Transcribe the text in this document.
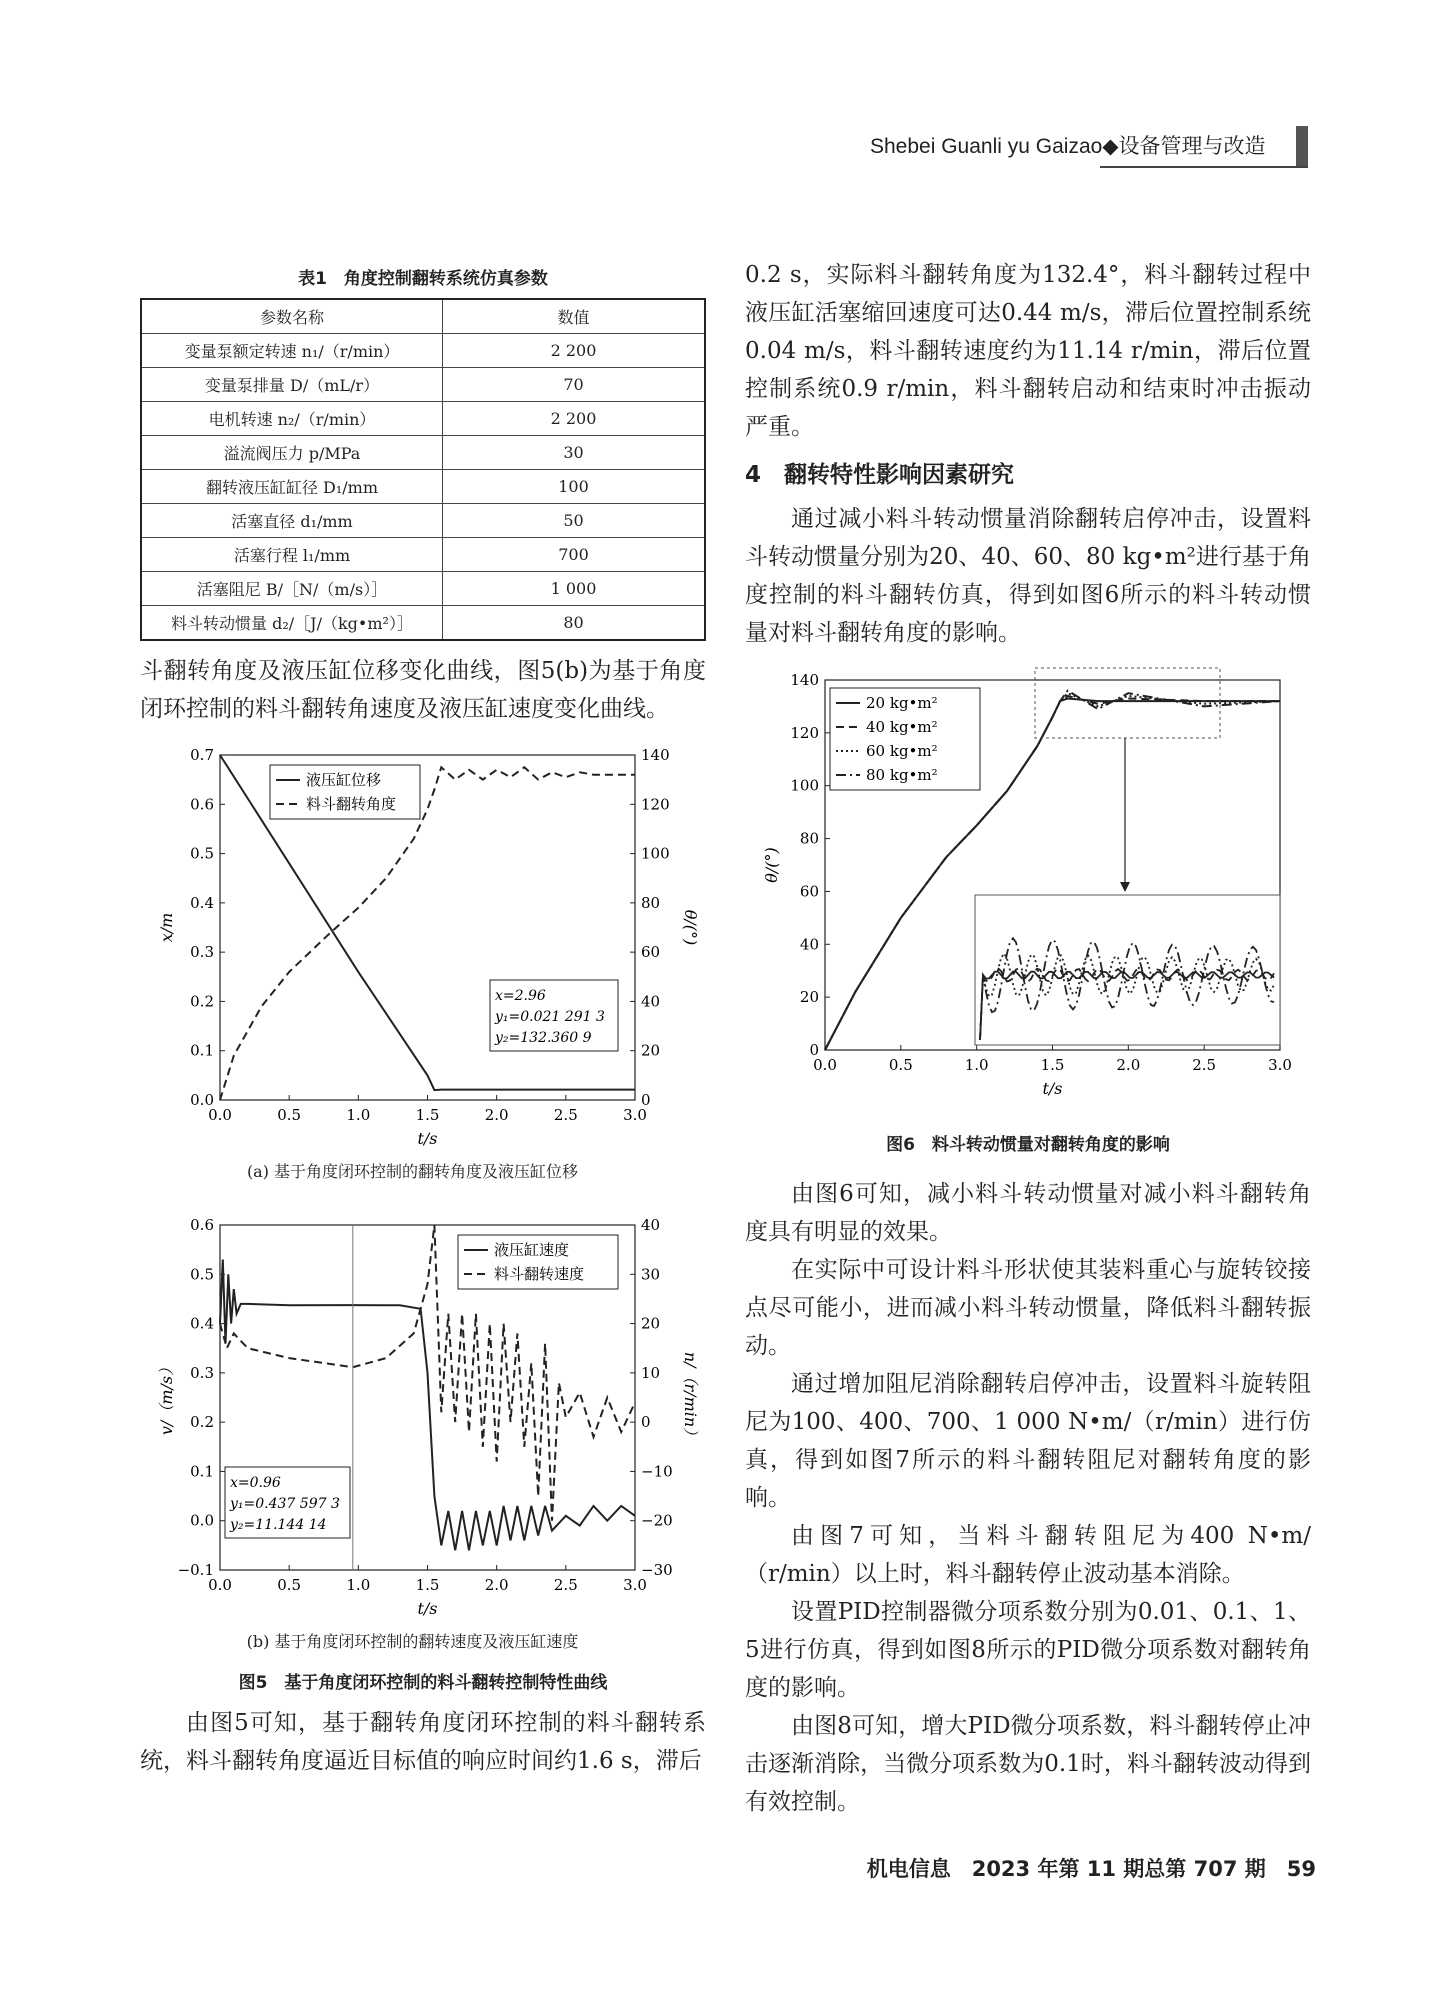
Shebei Guanli yu Gaizao◆设备管理与改造
表1　角度控制翻转系统仿真参数
参数名称	数值
变量泵额定转速 n₁/（r/min）	2 200
变量泵排量 D/（mL/r）	70
电机转速 n₂/（r/min）	2 200
溢流阀压力 p/MPa	30
翻转液压缸缸径 D₁/mm	100
活塞直径 d₁/mm	50
活塞行程 l₁/mm	700
活塞阻尼 B/［N/（m/s）］	1 000
料斗转动惯量 d₂/［J/（kg•m²）］	80

斗翻转角度及液压缸位移变化曲线，图5(b)为基于角度闭环控制的料斗翻转角速度及液压缸速度变化曲线。

0.0	0.5	1.0	1.5	2.0	2.5	3.0
0.0
0.1
0.2
0.3
0.4
0.5
0.6
0.7
0
20
40
60
80
100
120
140
t/s
x/m	θ/(°)
液压缸位移
料斗翻转角度
x=2.96
y₁=0.021 291 3
y₂=132.360 9
(a) 基于角度闭环控制的翻转角度及液压缸位移
0.0	0.5	1.0	1.5	2.0	2.5	3.0
−0.1
0.0
0.1
0.2
0.3
0.4
0.5
0.6
−30
−20
−10
0
10
20
30
40
t/s
v/（m/s）	n/（r/min）
液压缸速度
料斗翻转速度
x=0.96
y₁=0.437 597 3
y₂=11.144 14
(b) 基于角度闭环控制的翻转速度及液压缸速度
图5　基于角度闭环控制的料斗翻转控制特性曲线

由图5可知，基于翻转角度闭环控制的料斗翻转系统，料斗翻转角度逼近目标值的响应时间约1.6 s，滞后

0.2 s，实际料斗翻转角度为132.4°，料斗翻转过程中液压缸活塞缩回速度可达0.44 m/s，滞后位置控制系统0.04 m/s，料斗翻转速度约为11.14 r/min，滞后位置控制系统0.9 r/min，料斗翻转启动和结束时冲击振动严重。

4　翻转特性影响因素研究

通过减小料斗转动惯量消除翻转启停冲击，设置料斗转动惯量分别为20、40、60、80 kg•m²进行基于角度控制的料斗翻转仿真，得到如图6所示的料斗转动惯量对料斗翻转角度的影响。

0.0	0.5	1.0	1.5	2.0	2.5	3.0
0
20
40
60
80
100
120
140
t/s
θ/(°)
20 kg•m²
40 kg•m²
60 kg•m²
80 kg•m²
图6　料斗转动惯量对翻转角度的影响

由图6可知，减小料斗转动惯量对减小料斗翻转角度具有明显的效果。

在实际中可设计料斗形状使其装料重心与旋转铰接点尽可能小，进而减小料斗转动惯量，降低料斗翻转振动。

通过增加阻尼消除翻转启停冲击，设置料斗旋转阻尼为100、400、700、1 000 N•m/（r/min）进行仿真，得到如图7所示的料斗翻转阻尼对翻转角度的影响。

由图7可知，当料斗翻转阻尼为400 N•m/（r/min）以上时，料斗翻转停止波动基本消除。

设置PID控制器微分项系数分别为0.01、0.1、1、5进行仿真，得到如图8所示的PID微分项系数对翻转角度的影响。

由图8可知，增大PID微分项系数，料斗翻转停止冲击逐渐消除，当微分项系数为0.1时，料斗翻转波动得到有效控制。

机电信息　2023 年第 11 期总第 707 期　59
